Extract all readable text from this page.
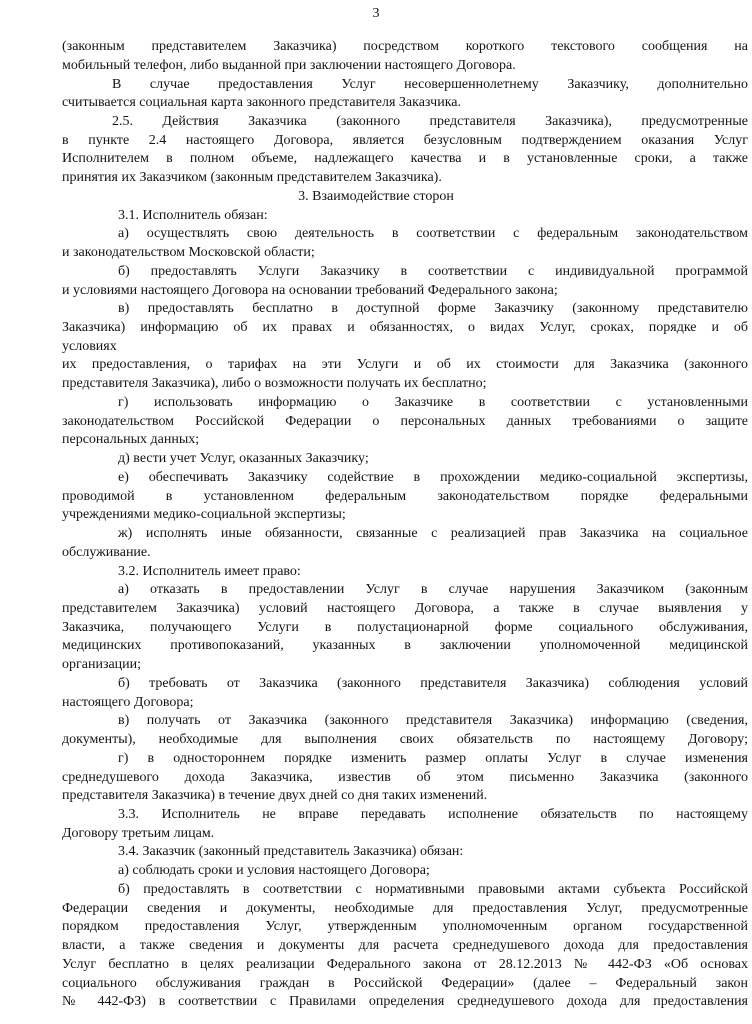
3
(законным представителем Заказчика) посредством короткого текстового сообщения на
мобильный телефон, либо выданной при заключении настоящего Договора.
В случае предоставления Услуг несовершеннолетнему Заказчику, дополнительно
считывается социальная карта законного представителя Заказчика.
2.5. Действия Заказчика (законного представителя Заказчика), предусмотренные
в пункте 2.4 настоящего Договора, является безусловным подтверждением оказания Услуг
Исполнителем в полном объеме, надлежащего качества и в установленные сроки, а также
принятия их Заказчиком (законным представителем Заказчика).
3. Взаимодействие сторон
3.1. Исполнитель обязан:
а) осуществлять свою деятельность в соответствии с федеральным законодательством
и законодательством Московской области;
б) предоставлять Услуги Заказчику в соответствии с индивидуальной программой
и условиями настоящего Договора на основании требований Федерального закона;
в) предоставлять бесплатно в доступной форме Заказчику (законному представителю
Заказчика) информацию об их правах и обязанностях, о видах Услуг, сроках, порядке и об
условиях
их предоставления, о тарифах на эти Услуги и об их стоимости для Заказчика (законного
представителя Заказчика), либо о возможности получать их бесплатно;
г) использовать информацию о Заказчике в соответствии с установленными
законодательством Российской Федерации о персональных данных требованиями о защите
персональных данных;
д) вести учет Услуг, оказанных Заказчику;
е) обеспечивать Заказчику содействие в прохождении медико-социальной экспертизы,
проводимой в установленном федеральным законодательством порядке федеральными
учреждениями медико-социальной экспертизы;
ж) исполнять иные обязанности, связанные с реализацией прав Заказчика на социальное
обслуживание.
3.2. Исполнитель имеет право:
а) отказать в предоставлении Услуг в случае нарушения Заказчиком (законным
представителем Заказчика) условий настоящего Договора, а также в случае выявления у
Заказчика, получающего Услуги в полустационарной форме социального обслуживания,
медицинских противопоказаний, указанных в заключении уполномоченной медицинской
организации;
б) требовать от Заказчика (законного представителя Заказчика) соблюдения условий
настоящего Договора;
в) получать от Заказчика (законного представителя Заказчика) информацию (сведения,
документы), необходимые для выполнения своих обязательств по настоящему Договору;
г) в одностороннем порядке изменить размер оплаты Услуг в случае изменения
среднедушевого дохода Заказчика, известив об этом письменно Заказчика (законного
представителя Заказчика) в течение двух дней со дня таких изменений.
3.3. Исполнитель не вправе передавать исполнение обязательств по настоящему
Договору третьим лицам.
3.4. Заказчик (законный представитель Заказчика) обязан:
а) соблюдать сроки и условия настоящего Договора;
б) предоставлять в соответствии с нормативными правовыми актами субъекта Российской
Федерации сведения и документы, необходимые для предоставления Услуг, предусмотренные
порядком предоставления Услуг, утвержденным уполномоченным органом государственной
власти, а также сведения и документы для расчета среднедушевого дохода для предоставления
Услуг бесплатно в целях реализации Федерального закона от 28.12.2013 № 442-ФЗ «Об основах
социального обслуживания граждан в Российской Федерации» (далее – Федеральный закон
№ 442-ФЗ) в соответствии с Правилами определения среднедушевого дохода для предоставления
